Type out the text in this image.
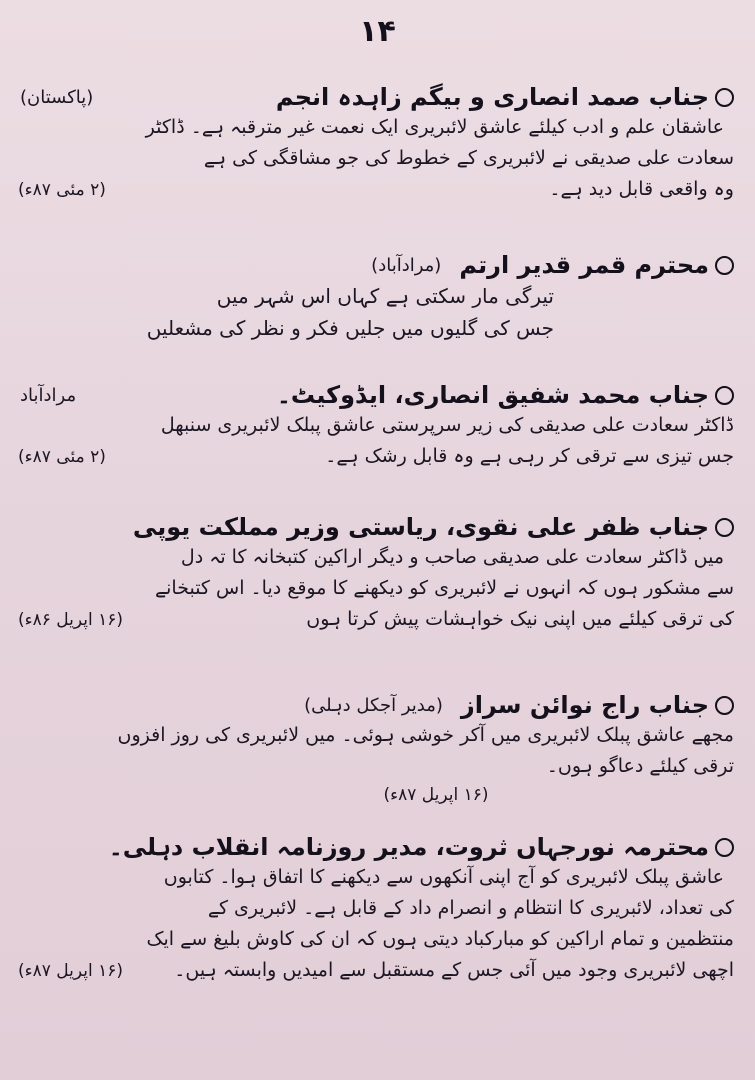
۱۴
جناب صمد انصاری و بیگم زاہدہ انجم
(پاکستان)
عاشقان علم و ادب کیلئے عاشق لائبریری ایک نعمت غیر مترقبہ ہے۔ ڈاکٹر
سعادت علی صدیقی نے لائبریری کے خطوط کی جو مشاقگی کی ہے
وہ واقعی قابل دید ہے۔
(۲ مئی ۸۷ء)
محترم قمر قدیر ارتم
(مرادآباد)
تیرگی مار سکتی ہے کہاں اس شہر میں
جس کی گلیوں میں جلیں فکر و نظر کی مشعلیں
جناب محمد شفیق انصاری، ایڈوکیٹ۔
مرادآباد
ڈاکٹر سعادت علی صدیقی کی زیر سرپرستی عاشق پبلک لائبریری سنبھل
جس تیزی سے ترقی کر رہی ہے وہ قابل رشک ہے۔
(۲ مئی ۸۷ء)
جناب ظفر علی نقوی، ریاستی وزیر مملکت یوپی
میں ڈاکٹر سعادت علی صدیقی صاحب و دیگر اراکین کتبخانہ کا تہ دل
سے مشکور ہوں کہ انہوں نے لائبریری کو دیکھنے کا موقع دیا۔ اس کتبخانے
کی ترقی کیلئے میں اپنی نیک خواہشات پیش کرتا ہوں
(۱۶ اپریل ۸۶ء)
جناب راج نوائن سراز
(مدیر آجکل دہلی)
مجھے عاشق پبلک لائبریری میں آکر خوشی ہوئی۔ میں لائبریری کی روز افزوں
ترقی کیلئے دعاگو ہوں۔
(۱۶ اپریل ۸۷ء)
محترمہ نورجہاں ثروت، مدیر روزنامہ انقلاب دہلی۔
عاشق پبلک لائبریری کو آج اپنی آنکھوں سے دیکھنے کا اتفاق ہوا۔ کتابوں
کی تعداد، لائبریری کا انتظام و انصرام داد کے قابل ہے۔ لائبریری کے
منتظمین و تمام اراکین کو مبارکباد دیتی ہوں کہ ان کی کاوش بلیغ سے ایک
اچھی لائبریری وجود میں آئی جس کے مستقبل سے امیدیں وابستہ ہیں۔
(۱۶ اپریل ۸۷ء)
